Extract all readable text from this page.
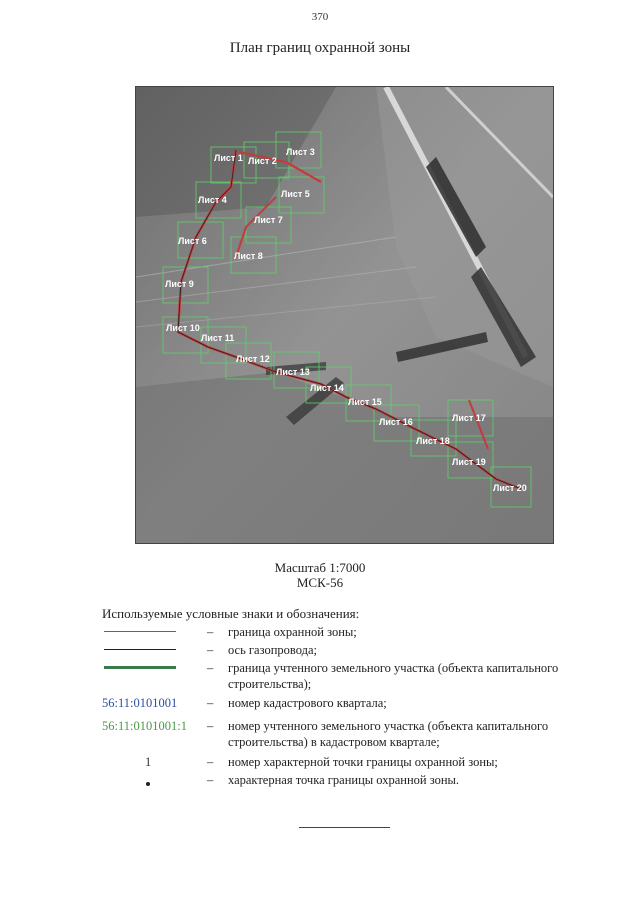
370
План границ охранной зоны
Лист 1 Лист 2
Лист 3
Лист 4
Лист 5
Лист 6
Лист 7
Лист 8
Лист 9
Лист 10
Лист 11
Лист 12
Лист 13
Лист 14
Лист 15
Лист 16	Лист 17
Лист 18
Лист 19
Лист 20
Масштаб 1:7000
МСК-56
Используемые условные знаки и обозначения:
– граница охранной зоны;
– ось газопровода;
– граница учтенного земельного участка (объекта капитального строительства);
56:11:0101001	– номер кадастрового квартала;
56:11:0101001:1	– номер учтенного земельного участка (объекта капитального строительства) в кадастровом квартале;
1	– номер характерной точки границы охранной зоны;
– характерная точка границы охранной зоны.
